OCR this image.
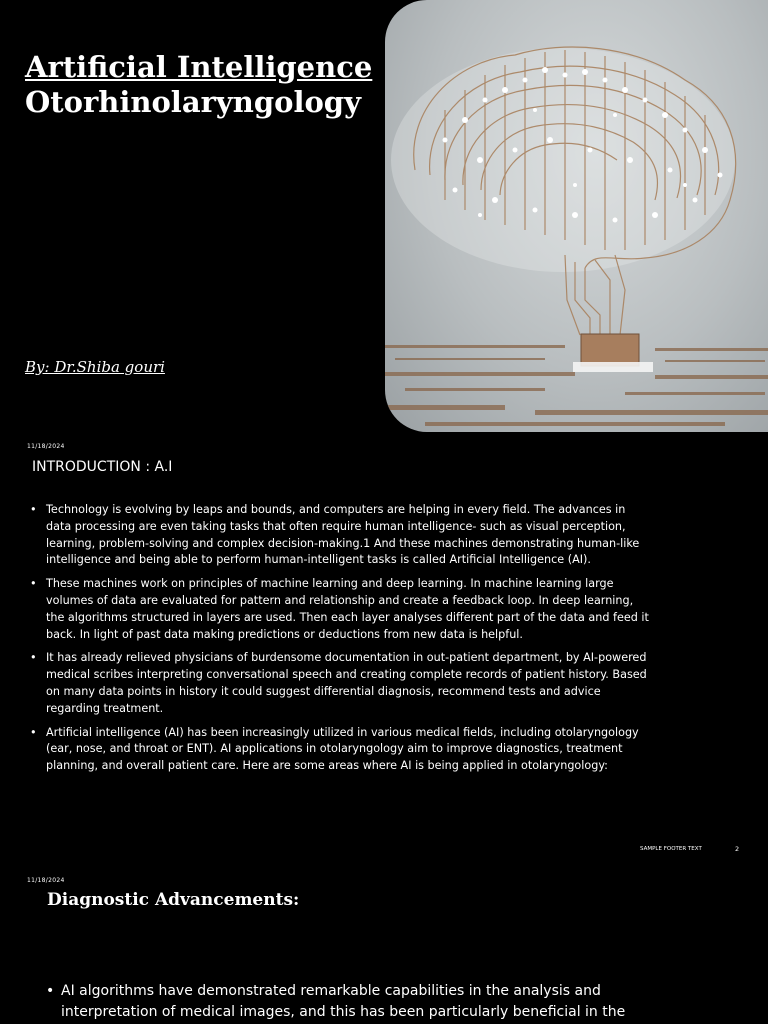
Artificial Intelligence
Otorhinolaryngology
By: Dr.Shiba gouri
11/18/2024
INTRODUCTION : A.I
• Technology is evolving by leaps and bounds, and computers are helping in every field. The advances in data processing are even taking tasks that often require human intelligence- such as visual perception, learning, problem-solving and complex decision-making.1 And these machines demonstrating human-like intelligence and being able to perform human-intelligent tasks is called Artificial Intelligence (AI).
• These machines work on principles of machine learning and deep learning. In machine learning large volumes of data are evaluated for pattern and relationship and create a feedback loop. In deep learning, the algorithms structured in layers are used. Then each layer analyses different part of the data and feed it back. In light of past data making predictions or deductions from new data is helpful.
• It has already relieved physicians of burdensome documentation in out-patient department, by AI-powered medical scribes interpreting conversational speech and creating complete records of patient history. Based on many data points in history it could suggest differential diagnosis, recommend tests and advice regarding treatment.
• Artificial intelligence (AI) has been increasingly utilized in various medical fields, including otolaryngology (ear, nose, and throat or ENT). AI applications in otolaryngology aim to improve diagnostics, treatment planning, and overall patient care. Here are some areas where AI is being applied in otolaryngology:
SAMPLE FOOTER TEXT	2
11/18/2024
Diagnostic Advancements:
• AI algorithms have demonstrated remarkable capabilities in the analysis and interpretation of medical images, and this has been particularly beneficial in the
